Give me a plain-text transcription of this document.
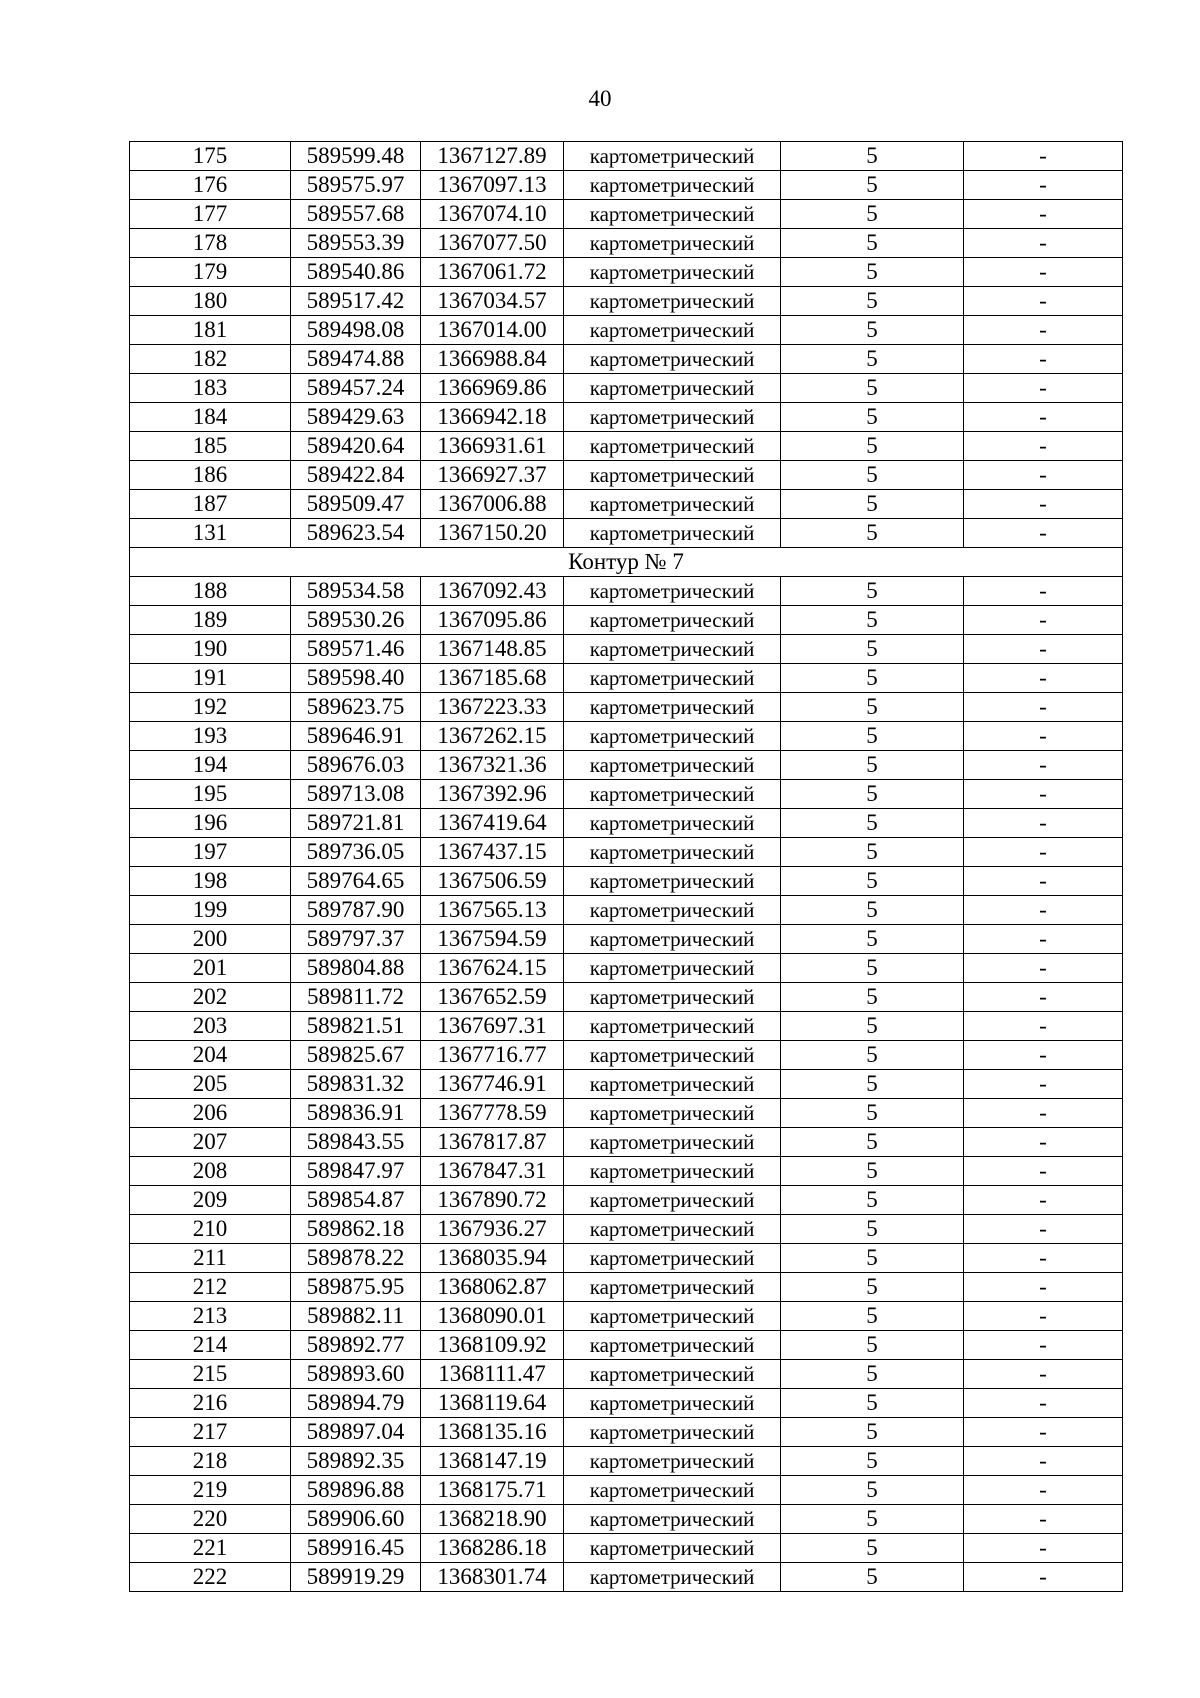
40
175	589599.48	1367127.89	картометрический	5	-
176	589575.97	1367097.13	картометрический	5	-
177	589557.68	1367074.10	картометрический	5	-
178	589553.39	1367077.50	картометрический	5	-
179	589540.86	1367061.72	картометрический	5	-
180	589517.42	1367034.57	картометрический	5	-
181	589498.08	1367014.00	картометрический	5	-
182	589474.88	1366988.84	картометрический	5	-
183	589457.24	1366969.86	картометрический	5	-
184	589429.63	1366942.18	картометрический	5	-
185	589420.64	1366931.61	картометрический	5	-
186	589422.84	1366927.37	картометрический	5	-
187	589509.47	1367006.88	картометрический	5	-
131	589623.54	1367150.20	картометрический	5	-
Контур № 7					
188	589534.58	1367092.43	картометрический	5	-
189	589530.26	1367095.86	картометрический	5	-
190	589571.46	1367148.85	картометрический	5	-
191	589598.40	1367185.68	картометрический	5	-
192	589623.75	1367223.33	картометрический	5	-
193	589646.91	1367262.15	картометрический	5	-
194	589676.03	1367321.36	картометрический	5	-
195	589713.08	1367392.96	картометрический	5	-
196	589721.81	1367419.64	картометрический	5	-
197	589736.05	1367437.15	картометрический	5	-
198	589764.65	1367506.59	картометрический	5	-
199	589787.90	1367565.13	картометрический	5	-
200	589797.37	1367594.59	картометрический	5	-
201	589804.88	1367624.15	картометрический	5	-
202	589811.72	1367652.59	картометрический	5	-
203	589821.51	1367697.31	картометрический	5	-
204	589825.67	1367716.77	картометрический	5	-
205	589831.32	1367746.91	картометрический	5	-
206	589836.91	1367778.59	картометрический	5	-
207	589843.55	1367817.87	картометрический	5	-
208	589847.97	1367847.31	картометрический	5	-
209	589854.87	1367890.72	картометрический	5	-
210	589862.18	1367936.27	картометрический	5	-
211	589878.22	1368035.94	картометрический	5	-
212	589875.95	1368062.87	картометрический	5	-
213	589882.11	1368090.01	картометрический	5	-
214	589892.77	1368109.92	картометрический	5	-
215	589893.60	1368111.47	картометрический	5	-
216	589894.79	1368119.64	картометрический	5	-
217	589897.04	1368135.16	картометрический	5	-
218	589892.35	1368147.19	картометрический	5	-
219	589896.88	1368175.71	картометрический	5	-
220	589906.60	1368218.90	картометрический	5	-
221	589916.45	1368286.18	картометрический	5	-
222	589919.29	1368301.74	картометрический	5	-
